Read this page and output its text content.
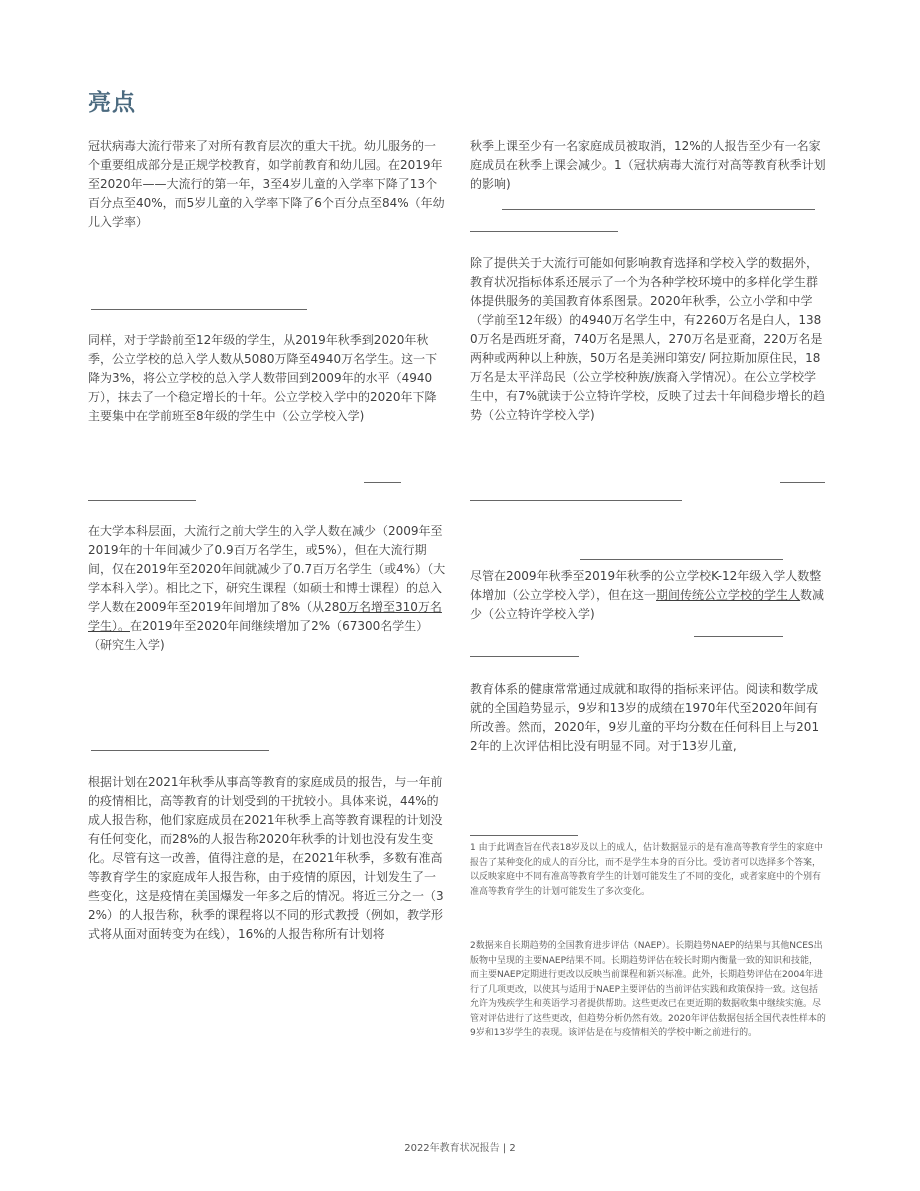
亮点

冠状病毒大流行带来了对所有教育层次的重大干扰。幼儿服务的一个重要组成部分是正规学校教育，如学前教育和幼儿园。在2019年至2020年——大流行的第一年，3至4岁儿童的入学率下降了13个百分点至40%，而5岁儿童的入学率下降了6个百分点至84%（年幼儿入学率）

同样，对于学龄前至12年级的学生，从2019年秋季到2020年秋季，公立学校的总入学人数从5080万降至4940万名学生。这一下降为3%，将公立学校的总入学人数带回到2009年的水平（4940万），抹去了一个稳定增长的十年。公立学校入学中的2020年下降主要集中在学前班至8年级的学生中（公立学校入学)

在大学本科层面，大流行之前大学生的入学人数在减少（2009年至2019年的十年间减少了0.9百万名学生，或5%），但在大流行期间，仅在2019年至2020年间就减少了0.7百万名学生（或4%）（大学本科入学）。相比之下，研究生课程（如硕士和博士课程）的总入学人数在2009年至2019年间增加了8%（从280万名增至310万名学生）。在2019年至2020年间继续增加了2%（67300名学生）（研究生入学)

根据计划在2021年秋季从事高等教育的家庭成员的报告，与一年前的疫情相比，高等教育的计划受到的干扰较小。具体来说，44%的成人报告称，他们家庭成员在2021年秋季上高等教育课程的计划没有任何变化，而28%的人报告称2020年秋季的计划也没有发生变化。尽管有这一改善，值得注意的是，在2021年秋季，多数有准高等教育学生的家庭成年人报告称，由于疫情的原因，计划发生了一些变化，这是疫情在美国爆发一年多之后的情况。将近三分之一（32%）的人报告称，秋季的课程将以不同的形式教授（例如，教学形式将从面对面转变为在线），16%的人报告称所有计划将

秋季上课至少有一名家庭成员被取消，12%的人报告至少有一名家庭成员在秋季上课会减少。1（冠状病毒大流行对高等教育秋季计划的影响)

除了提供关于大流行可能如何影响教育选择和学校入学的数据外，教育状况指标体系还展示了一个为各种学校环境中的多样化学生群体提供服务的美国教育体系图景。2020年秋季，公立小学和中学（学前至12年级）的4940万名学生中，有2260万名是白人，1380万名是西班牙裔，740万名是黑人，270万名是亚裔，220万名是两种或两种以上种族，50万名是美洲印第安/ 阿拉斯加原住民，18万名是太平洋岛民（公立学校种族/族裔入学情况）。在公立学校学生中，有7%就读于公立特许学校，反映了过去十年间稳步增长的趋势（公立特许学校入学)

尽管在2009年秋季至2019年秋季的公立学校K-12年级入学人数整体增加（公立学校入学），但在这一期间传统公立学校的学生人数减少（公立特许学校入学)

教育体系的健康常常通过成就和取得的指标来评估。阅读和数学成就的全国趋势显示，9岁和13岁的成绩在1970年代至2020年间有所改善。然而，2020年，9岁儿童的平均分数在任何科目上与2012年的上次评估相比没有明显不同。对于13岁儿童,

1 由于此调查旨在代表18岁及以上的成人，估计数据显示的是有准高等教育学生的家庭中报告了某种变化的成人的百分比，而不是学生本身的百分比。受访者可以选择多个答案，以反映家庭中不同有准高等教育学生的计划可能发生了不同的变化，或者家庭中的个别有准高等教育学生的计划可能发生了多次变化。

2数据来自长期趋势的全国教育进步评估（NAEP）。长期趋势NAEP的结果与其他NCES出版物中呈现的主要NAEP结果不同。长期趋势评估在较长时期内衡量一致的知识和技能，而主要NAEP定期进行更改以反映当前课程和新兴标准。此外，长期趋势评估在2004年进行了几项更改，以使其与适用于NAEP主要评估的当前评估实践和政策保持一致。这包括允许为残疾学生和英语学习者提供帮助。这些更改已在更近期的数据收集中继续实施。尽管对评估进行了这些更改，但趋势分析仍然有效。2020年评估数据包括全国代表性样本的9岁和13岁学生的表现。该评估是在与疫情相关的学校中断之前进行的。

2022年教育状况报告 | 2
